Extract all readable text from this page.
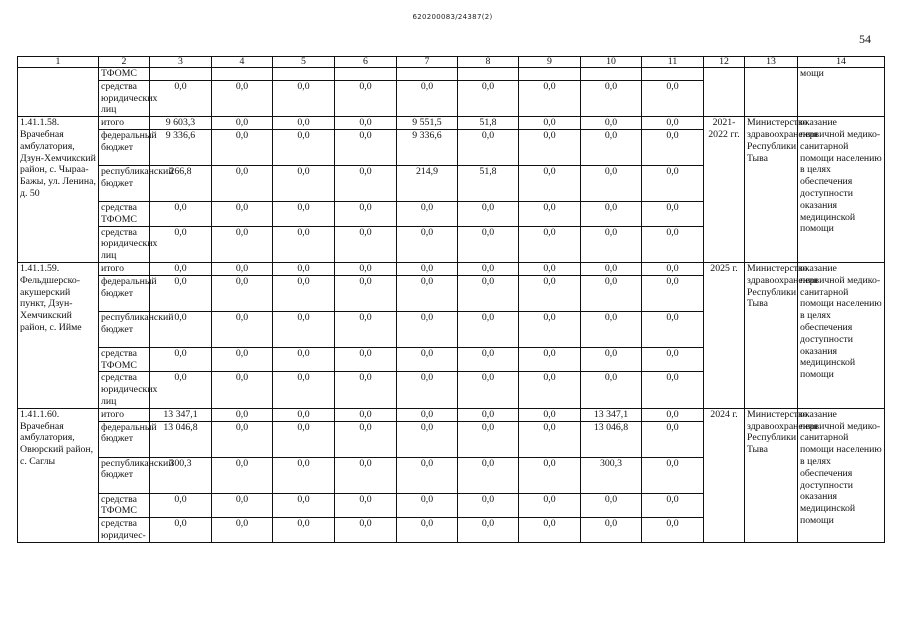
620200083/24387(2)
54
1	2	3	4	5	6	7	8	9	10	11	12	13	14
	ТФОМС												мощи
	средства юридических лиц	0,0	0,0	0,0	0,0	0,0	0,0	0,0	0,0	0,0			
1.41.1.58. Врачебная амбулатория, Дзун-Хемчикский район, с. Чыраа-Бажы, ул. Ленина, д. 50	итого	9 603,3	0,0	0,0	0,0	9 551,5	51,8	0,0	0,0	0,0	2021-2022 гг.	Министерство здравоохранения Республики Тыва	оказание первичной медико-санитарной помощи населению в целях обеспечения доступности оказания медицинской помощи
	федеральный бюджет	9 336,6	0,0	0,0	0,0	9 336,6	0,0	0,0	0,0	0,0			
	республиканский бюджет	266,8	0,0	0,0	0,0	214,9	51,8	0,0	0,0	0,0			
	средства ТФОМС	0,0	0,0	0,0	0,0	0,0	0,0	0,0	0,0	0,0			
	средства юридических лиц	0,0	0,0	0,0	0,0	0,0	0,0	0,0	0,0	0,0			
1.41.1.59. Фельдшерско-акушерский пункт, Дзун-Хемчикский район, с. Ийме	итого	0,0	0,0	0,0	0,0	0,0	0,0	0,0	0,0	0,0	2025 г.	Министерство здравоохранения Республики Тыва	оказание первичной медико-санитарной помощи населению в целях обеспечения доступности оказания медицинской помощи
	федеральный бюджет	0,0	0,0	0,0	0,0	0,0	0,0	0,0	0,0	0,0			
	республиканский бюджет	0,0	0,0	0,0	0,0	0,0	0,0	0,0	0,0	0,0			
	средства ТФОМС	0,0	0,0	0,0	0,0	0,0	0,0	0,0	0,0	0,0			
	средства юридических лиц	0,0	0,0	0,0	0,0	0,0	0,0	0,0	0,0	0,0			
1.41.1.60. Врачебная амбулатория, Овюрский район, с. Саглы	итого	13 347,1	0,0	0,0	0,0	0,0	0,0	0,0	13 347,1	0,0	2024 г.	Министерство здравоохранения Республики Тыва	оказание первичной медико-санитарной помощи населению в целях обеспечения доступности оказания медицинской помощи
	федеральный бюджет	13 046,8	0,0	0,0	0,0	0,0	0,0	0,0	13 046,8	0,0			
	республиканский бюджет	300,3	0,0	0,0	0,0	0,0	0,0	0,0	300,3	0,0			
	средства ТФОМС	0,0	0,0	0,0	0,0	0,0	0,0	0,0	0,0	0,0			
	средства юридичес-	0,0	0,0	0,0	0,0	0,0	0,0	0,0	0,0	0,0			
